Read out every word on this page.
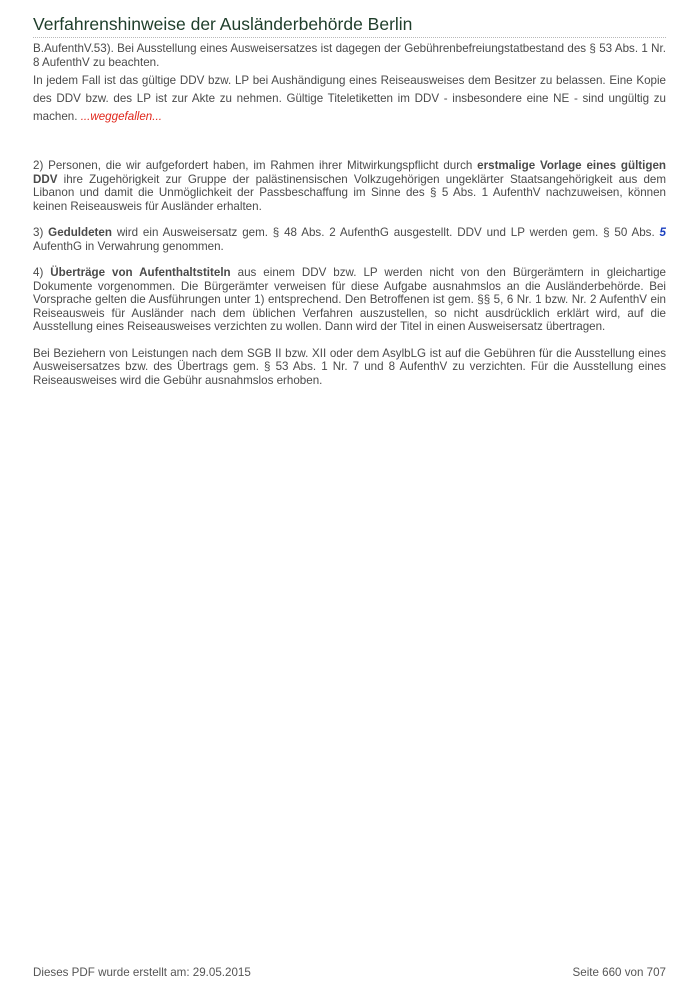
Verfahrenshinweise der Ausländerbehörde Berlin

B.AufenthV.53). Bei Ausstellung eines Ausweisersatzes ist dagegen der Gebührenbefreiungstatbestand des § 53 Abs. 1 Nr. 8 AufenthV zu beachten.

In jedem Fall ist das gültige DDV bzw. LP bei Aushändigung eines Reiseausweises dem Besitzer zu belassen. Eine Kopie des DDV bzw. des LP ist zur Akte zu nehmen. Gültige Titeletiketten im DDV - insbesondere eine NE - sind ungültig zu machen. ...weggefallen...

2) Personen, die wir aufgefordert haben, im Rahmen ihrer Mitwirkungspflicht durch erstmalige Vorlage eines gültigen DDV ihre Zugehörigkeit zur Gruppe der palästinensischen Volkzugehörigen ungeklärter Staatsangehörigkeit aus dem Libanon und damit die Unmöglichkeit der Passbeschaffung im Sinne des § 5 Abs. 1 AufenthV nachzuweisen, können keinen Reiseausweis für Ausländer erhalten.

3) Geduldeten wird ein Ausweisersatz gem. § 48 Abs. 2 AufenthG ausgestellt. DDV und LP werden gem. § 50 Abs. 5 AufenthG in Verwahrung genommen.

4) Überträge von Aufenthaltstiteln aus einem DDV bzw. LP werden nicht von den Bürgerämtern in gleichartige Dokumente vorgenommen. Die Bürgerämter verweisen für diese Aufgabe ausnahmslos an die Ausländerbehörde. Bei Vorsprache gelten die Ausführungen unter 1) entsprechend. Den Betroffenen ist gem. §§ 5, 6 Nr. 1 bzw. Nr. 2 AufenthV ein Reiseausweis für Ausländer nach dem üblichen Verfahren auszustellen, so nicht ausdrücklich erklärt wird, auf die Ausstellung eines Reiseausweises verzichten zu wollen. Dann wird der Titel in einen Ausweisersatz übertragen.

Bei Beziehern von Leistungen nach dem SGB II bzw. XII oder dem AsylbLG ist auf die Gebühren für die Ausstellung eines Ausweisersatzes bzw. des Übertrags gem. § 53 Abs. 1 Nr. 7 und 8 AufenthV zu verzichten. Für die Ausstellung eines Reiseausweises wird die Gebühr ausnahmslos erhoben.

Dieses PDF wurde erstellt am: 29.05.2015	Seite 660 von 707
